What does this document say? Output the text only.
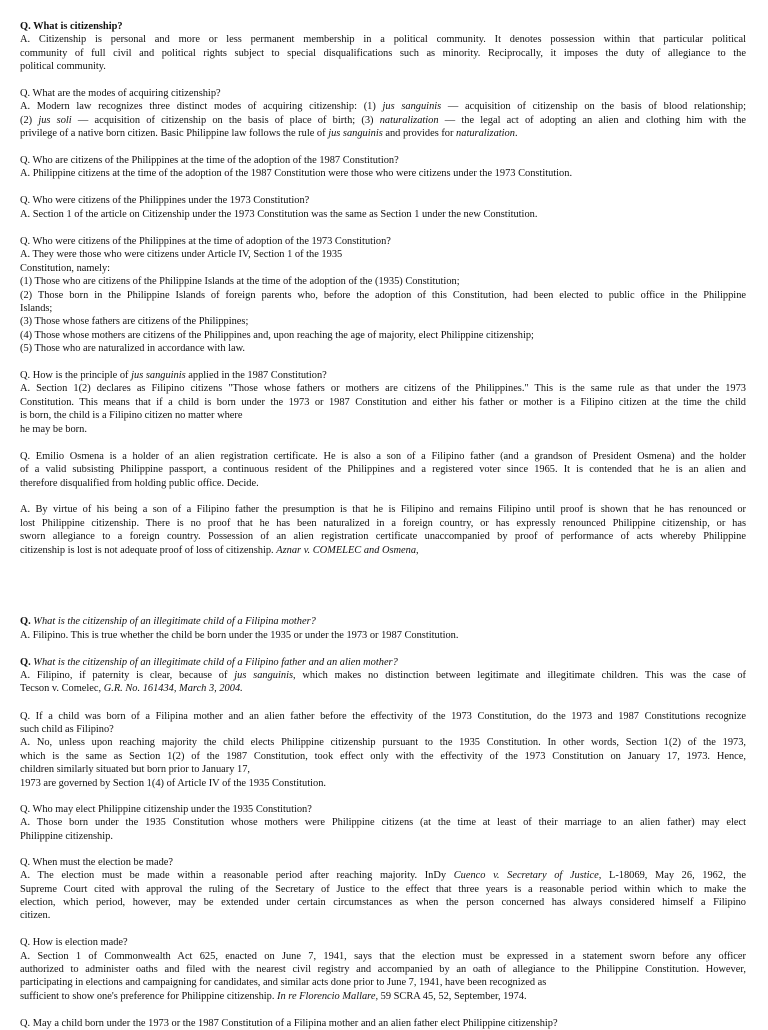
Q. What is citizenship?
A. Citizenship is personal and more or less permanent membership in a political community. It denotes possession within that particular political
community of full civil and political rights subject to special disqualifications such as minority. Reciprocally, it imposes the duty of allegiance to the
political community.
Q. What are the modes of acquiring citizenship?
A. Modern law recognizes three distinct modes of acquiring citizenship: (1) jus sanguinis — acquisition of citizenship on the basis of blood relationship;
(2) jus soli — acquisition of citizenship on the basis of place of birth; (3) naturalization — the legal act of adopting an alien and clothing him with the
privilege of a native born citizen. Basic Philippine law follows the rule of jus sanguinis and provides for naturalization.
Q. Who are citizens of the Philippines at the time of the adoption of the 1987 Constitution?
A. Philippine citizens at the time of the adoption of the 1987 Constitution were those who were citizens under the 1973 Constitution.
Q. Who were citizens of the Philippines under the 1973 Constitution?
A. Section 1 of the article on Citizenship under the 1973 Constitution was the same as Section 1 under the new Constitution.
Q. Who were citizens of the Philippines at the time of adoption of the 1973 Constitution?
A. They were those who were citizens under Article IV, Section 1 of the 1935
Constitution, namely:
(1) Those who are citizens of the Philippine Islands at the time of the adoption of the (1935) Constitution;
(2) Those born in the Philippine Islands of foreign parents who, before the adoption of this Constitution, had been elected to public office in the Philippine
Islands;
(3) Those whose fathers are citizens of the Philippines;
(4) Those whose mothers are citizens of the Philippines and, upon reaching the age of majority, elect Philippine citizenship;
(5) Those who are naturalized in accordance with law.
Q. How is the principle of jus sanguinis applied in the 1987 Constitution?
A. Section 1(2) declares as Filipino citizens "Those whose fathers or mothers are citizens of the Philippines." This is the same rule as that under the 1973
Constitution. This means that if a child is born under the 1973 or 1987 Constitution and either his father or mother is a Filipino citizen at the time the child
is born, the child is a Filipino citizen no matter where
he may be born.
Q. Emilio Osmena is a holder of an alien registration certificate. He is also a son of a Filipino father (and a grandson of President Osmena) and the holder
of a valid subsisting Philippine passport, a continuous resident of the Philippines and a registered voter since 1965. It is contended that he is an alien and
therefore disqualified from holding public office. Decide.
A. By virtue of his being a son of a Filipino father the presumption is that he is Filipino and remains Filipino until proof is shown that he has renounced or
lost Philippine citizenship. There is no proof that he has been naturalized in a foreign country, or has expressly renounced Philippine citizenship, or has
sworn allegiance to a foreign country. Possession of an alien registration certificate unaccompanied by proof of performance of acts whereby Philippine
citizenship is lost is not adequate proof of loss of citizenship. Aznar v. COMELEC and Osmena,
Q. What is the citizenship of an illegitimate child of a Filipina mother?
A. Filipino. This is true whether the child be born under the 1935 or under the 1973 or 1987 Constitution.
Q. What is the citizenship of an illegitimate child of a Filipino father and an alien mother?
A. Filipino, if paternity is clear, because of jus sanguinis, which makes no distinction between legitimate and illegitimate children. This was the case of
Tecson v. Comelec, G.R. No. 161434, March 3, 2004.
Q. If a child was born of a Filipina mother and an alien father before the effectivity of the 1973 Constitution, do the 1973 and 1987 Constitutions recognize
such child as Filipino?
A. No, unless upon reaching majority the child elects Philippine citizenship pursuant to the 1935 Constitution. In other words, Section 1(2) of the 1973,
which is the same as Section 1(2) of the 1987 Constitution, took effect only with the effectivity of the 1973 Constitution on January 17, 1973. Hence,
children similarly situated but born prior to January 17,
1973 are governed by Section 1(4) of Article IV of the 1935 Constitution.
Q. Who may elect Philippine citizenship under the 1935 Constitution?
A. Those born under the 1935 Constitution whose mothers were Philippine citizens (at the time at least of their marriage to an alien father) may elect
Philippine citizenship.
Q. When must the election be made?
A. The election must be made within a reasonable period after reaching majority. InDy Cuenco v. Secretary of Justice, L-18069, May 26, 1962, the
Supreme Court cited with approval the ruling of the Secretary of Justice to the effect that three years is a reasonable period within which to make the
election, which period, however, may be extended under certain circumstances as when the person concerned has always considered himself a Filipino
citizen.
Q. How is election made?
A. Section 1 of Commonwealth Act 625, enacted on June 7, 1941, says that the election must be expressed in a statement sworn before any officer
authorized to administer oaths and filed with the nearest civil registry and accompanied by an oath of allegiance to the Philippine Constitution. However,
participating in elections and campaigning for candidates, and similar acts done prior to June 7, 1941, have been recognized as
sufficient to show one's preference for Philippine citizenship. In re Florencio Mallare, 59 SCRA 45, 52, September, 1974.
Q. May a child born under the 1973 or the 1987 Constitution of a Filipina mother and an alien father elect Philippine citizenship?
